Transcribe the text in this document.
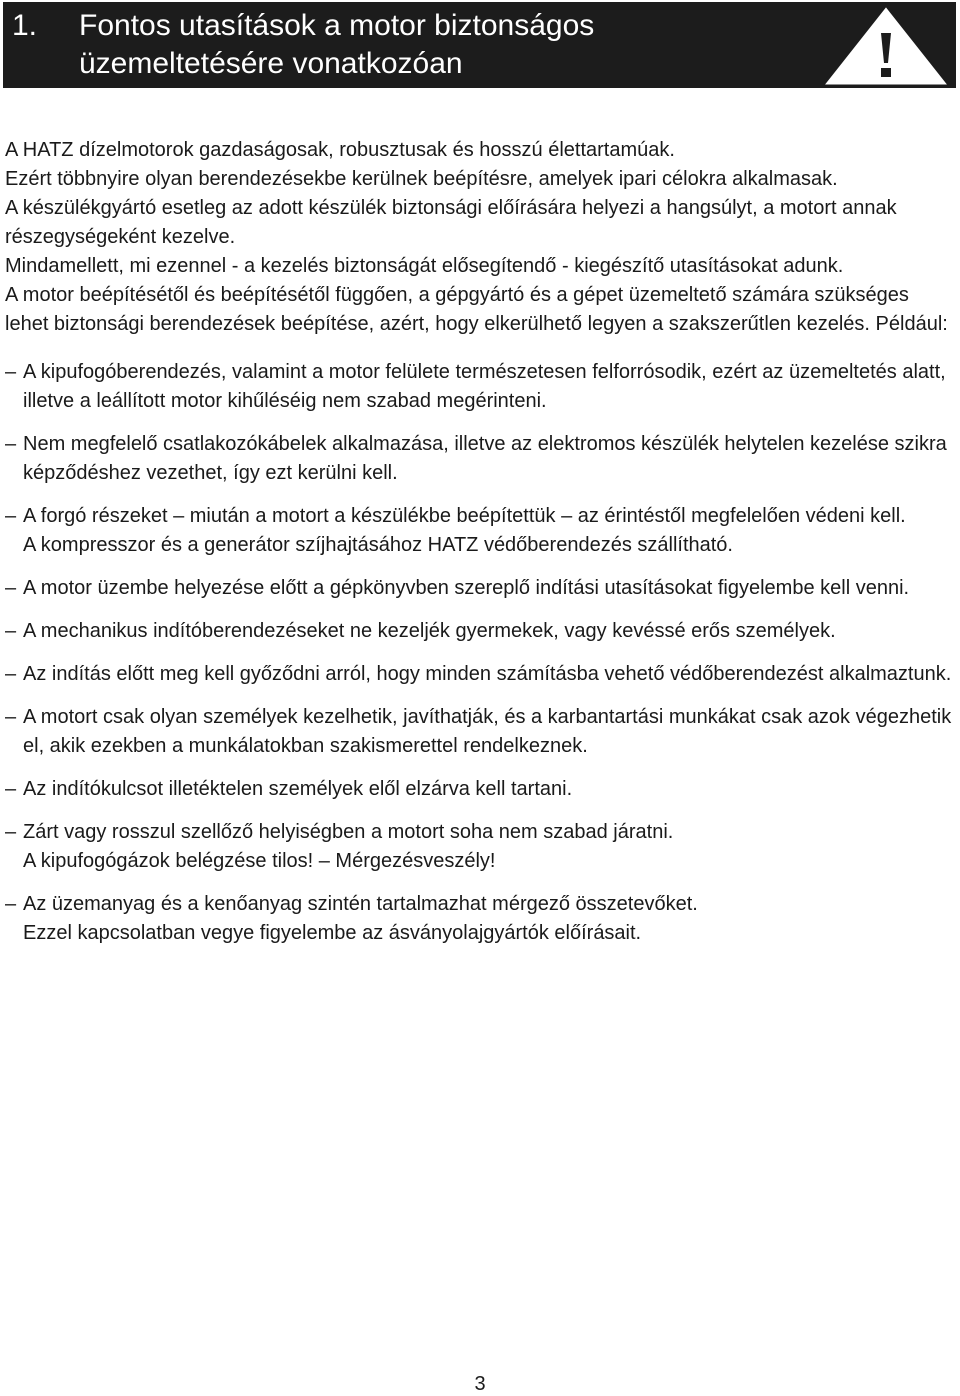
1. Fontos utasítások a motor biztonságos
üzemeltetésére vonatkozóan

A HATZ dízelmotorok gazdaságosak, robusztusak és hosszú élettartamúak.

Ezért többnyire olyan berendezésekbe kerülnek beépítésre, amelyek ipari célokra alkalmasak.

A készülékgyártó esetleg az adott készülék biztonsági előírására helyezi a hangsúlyt, a motort annak részegységeként kezelve.

Mindamellett, mi ezennel - a kezelés biztonságát elősegítendő - kiegészítő utasításokat adunk.

A motor beépítésétől és beépítésétől függően, a gépgyártó és a gépet üzemeltető számára szükséges lehet biztonsági berendezések beépítése, azért, hogy elkerülhető legyen a szakszerűtlen kezelés. Például:

– A kipufogóberendezés, valamint a motor felülete természetesen felforrósodik, ezért az üzemeltetés alatt, illetve a leállított motor kihűléséig nem szabad megérinteni.
– Nem megfelelő csatlakozókábelek alkalmazása, illetve az elektromos készülék helytelen kezelése szikra képződéshez vezethet, így ezt kerülni kell.
– A forgó részeket – miután a motort a készülékbe beépítettük – az érintéstől megfelelően védeni kell.
A kompresszor és a generátor szíjhajtásához HATZ védőberendezés szállítható.
– A motor üzembe helyezése előtt a gépkönyvben szereplő indítási utasításokat figyelembe kell venni.
– A mechanikus indítóberendezéseket ne kezeljék gyermekek, vagy kevéssé erős személyek.
– Az indítás előtt meg kell győződni arról, hogy minden számításba vehető védőberendezést alkalmaztunk.
– A motort csak olyan személyek kezelhetik, javíthatják, és a karbantartási munkákat csak azok végezhetik el, akik ezekben a munkálatokban szakismerettel rendelkeznek.
– Az indítókulcsot illetéktelen személyek elől elzárva kell tartani.
– Zárt vagy rosszul szellőző helyiségben a motort soha nem szabad járatni.
A kipufogógázok belégzése tilos! – Mérgezésveszély!
– Az üzemanyag és a kenőanyag szintén tartalmazhat mérgező összetevőket.
Ezzel kapcsolatban vegye figyelembe az ásványolajgyártók előírásait.
3
